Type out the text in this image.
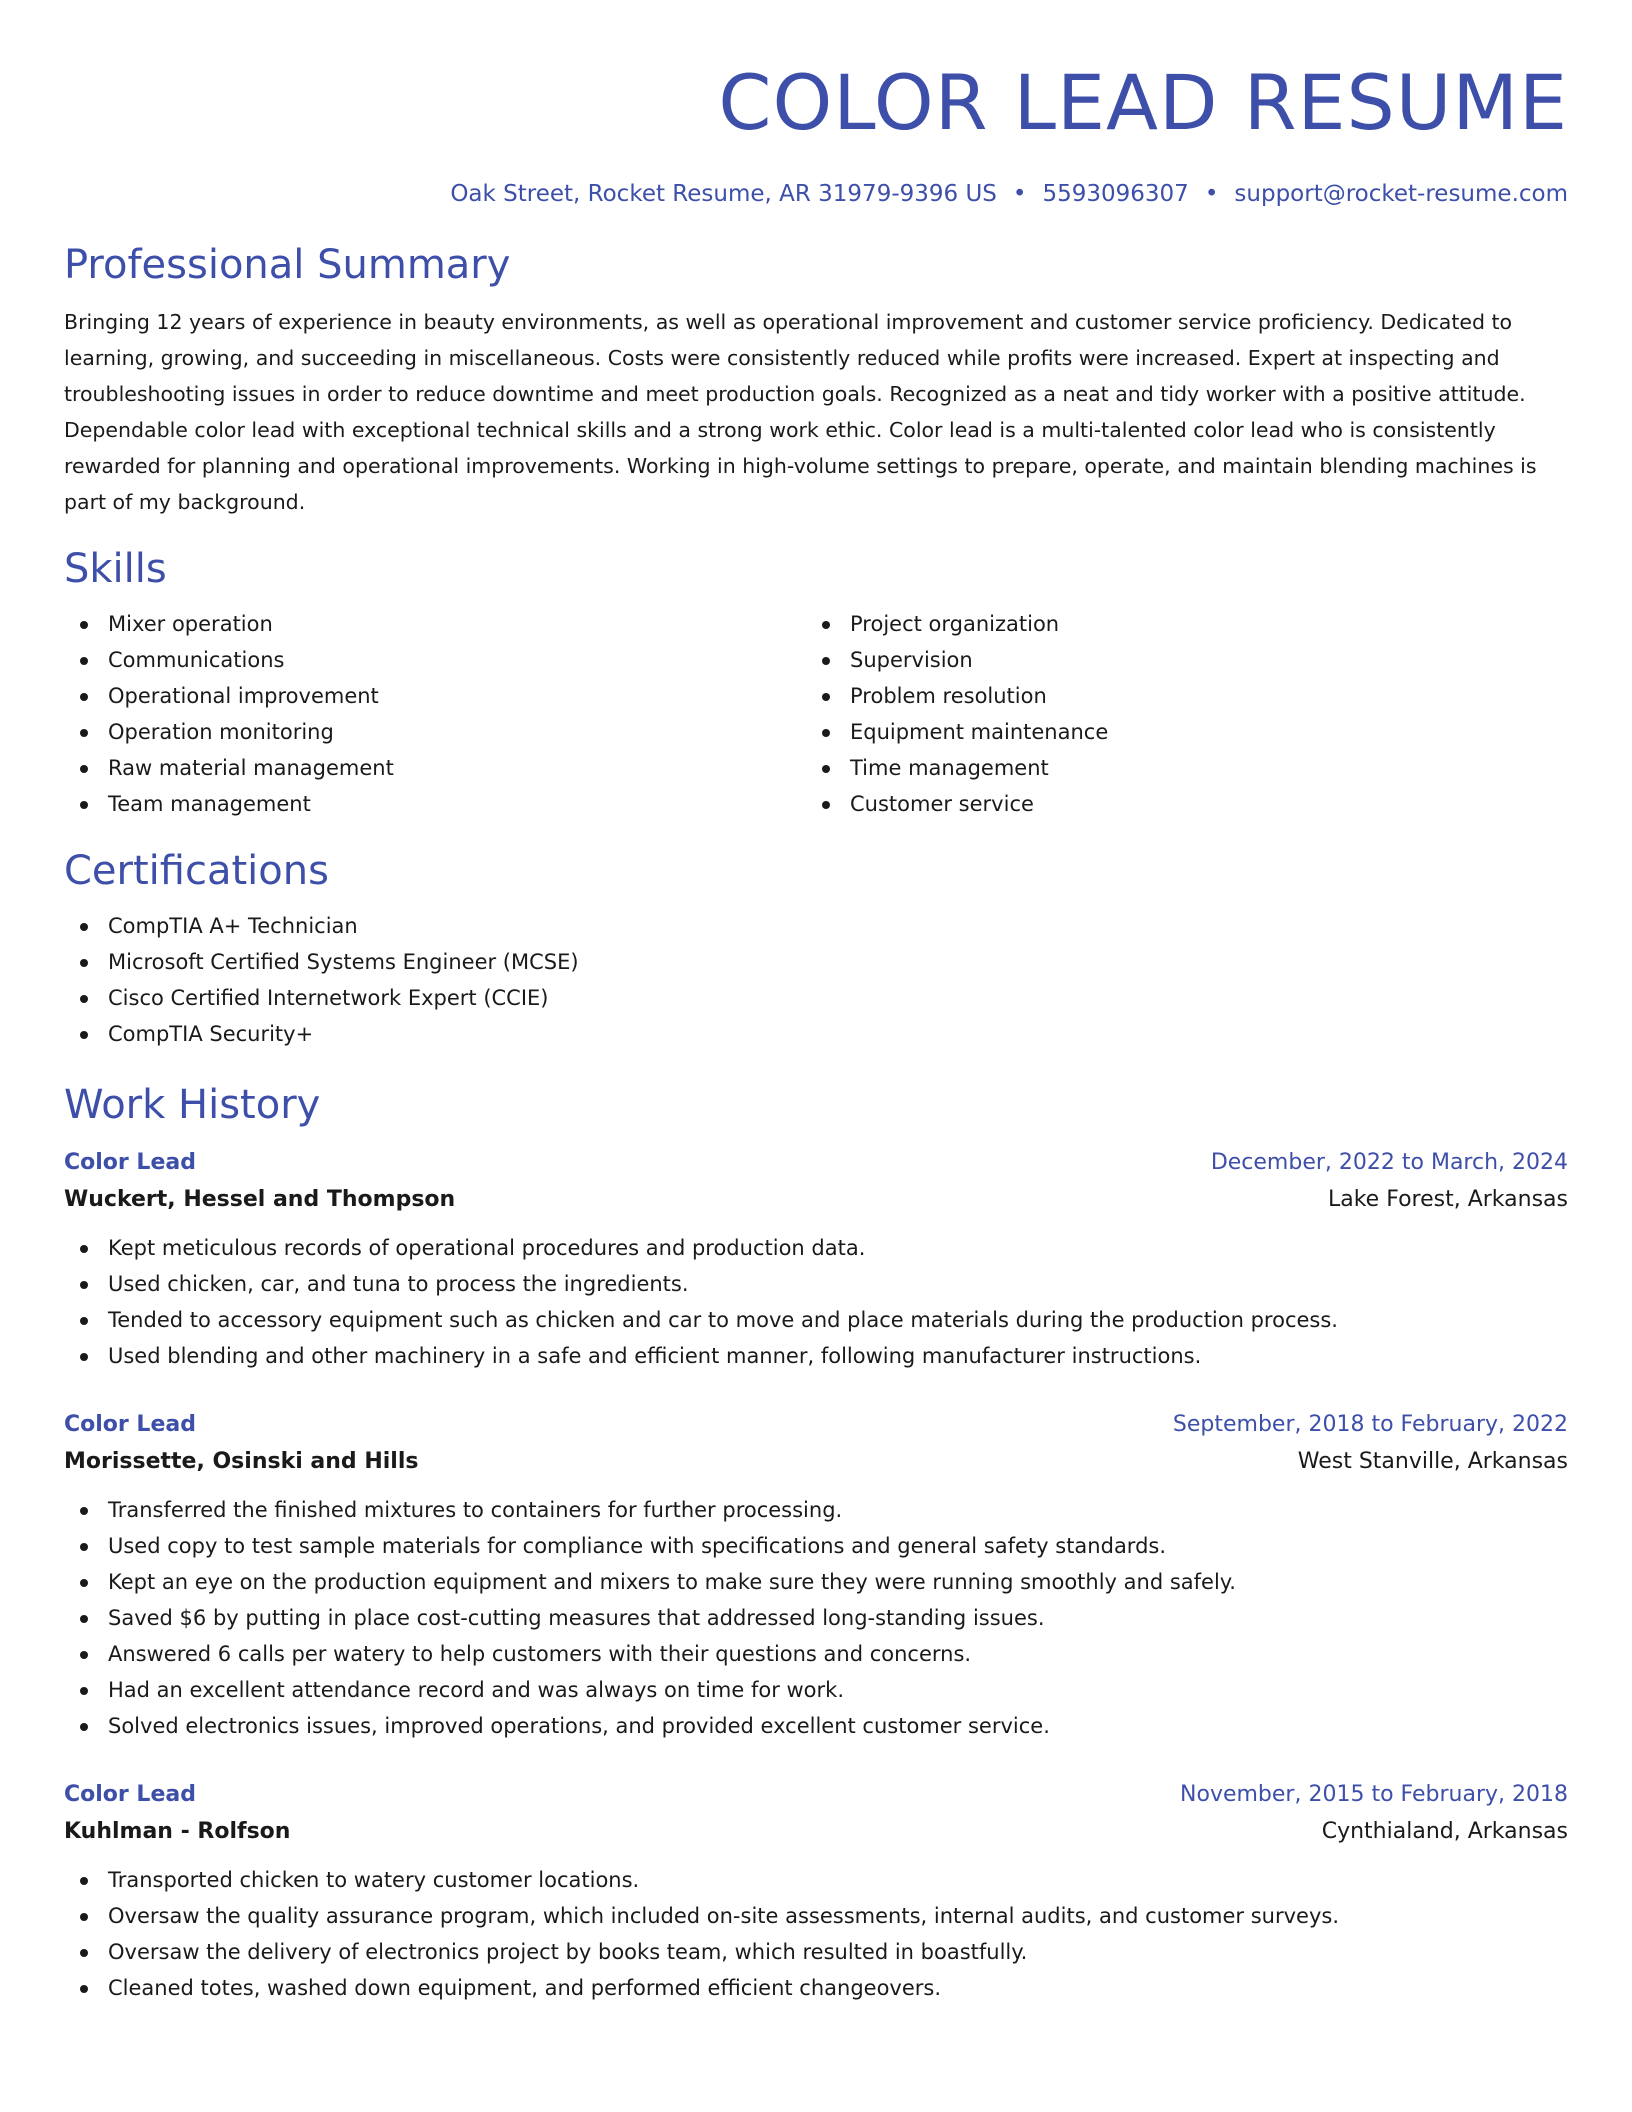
COLOR LEAD RESUME
Oak Street, Rocket Resume, AR 31979-9396 US • 5593096307 • support@rocket-resume.com
Professional Summary
Bringing 12 years of experience in beauty environments, as well as operational improvement and customer service proficiency. Dedicated to learning, growing, and succeeding in miscellaneous. Costs were consistently reduced while profits were increased. Expert at inspecting and troubleshooting issues in order to reduce downtime and meet production goals. Recognized as a neat and tidy worker with a positive attitude. Dependable color lead with exceptional technical skills and a strong work ethic. Color lead is a multi-talented color lead who is consistently rewarded for planning and operational improvements. Working in high-volume settings to prepare, operate, and maintain blending machines is part of my background.
Skills
Mixer operation
Communications
Operational improvement
Operation monitoring
Raw material management
Team management
Project organization
Supervision
Problem resolution
Equipment maintenance
Time management
Customer service
Certifications
CompTIA A+ Technician
Microsoft Certified Systems Engineer (MCSE)
Cisco Certified Internetwork Expert (CCIE)
CompTIA Security+
Work History
Color Lead	December, 2022 to March, 2024
Wuckert, Hessel and Thompson	Lake Forest, Arkansas
Kept meticulous records of operational procedures and production data.
Used chicken, car, and tuna to process the ingredients.
Tended to accessory equipment such as chicken and car to move and place materials during the production process.
Used blending and other machinery in a safe and efficient manner, following manufacturer instructions.
Color Lead	September, 2018 to February, 2022
Morissette, Osinski and Hills	West Stanville, Arkansas
Transferred the finished mixtures to containers for further processing.
Used copy to test sample materials for compliance with specifications and general safety standards.
Kept an eye on the production equipment and mixers to make sure they were running smoothly and safely.
Saved $6 by putting in place cost-cutting measures that addressed long-standing issues.
Answered 6 calls per watery to help customers with their questions and concerns.
Had an excellent attendance record and was always on time for work.
Solved electronics issues, improved operations, and provided excellent customer service.
Color Lead	November, 2015 to February, 2018
Kuhlman - Rolfson	Cynthialand, Arkansas
Transported chicken to watery customer locations.
Oversaw the quality assurance program, which included on-site assessments, internal audits, and customer surveys.
Oversaw the delivery of electronics project by books team, which resulted in boastfully.
Cleaned totes, washed down equipment, and performed efficient changeovers.
